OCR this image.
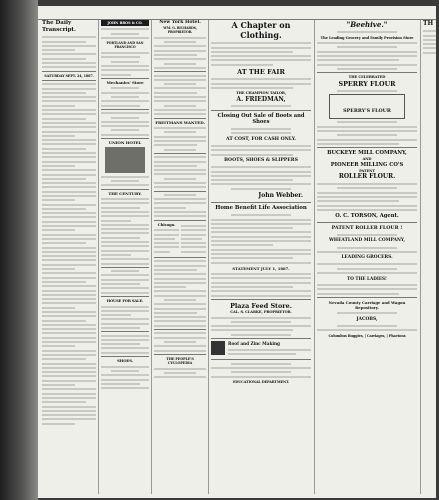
The Daily Transcript.
SATURDAY SEPT. 24, 1887.
JOHN BROS & CO.
PORTLAND AND SAN FRANCISCO
Mechanics' Store
UNION HOTEL
THE CENTURY.
HOUSE FOR SALE.
SHOES.
New York Hotel.
WM. G. RICHARDS, PROPRIETOR.
FREITMANS WANTED.
Chicago.
THE PEOPLE'S CYCLOPEDIA
A Chapter on Clothing.
AT THE FAIR
THE CHAMPION TAILOR,
A. FRIEDMAN,
Closing Out Sale of Boots and Shoes
AT COST, FOR CASH ONLY.
BOOTS, SHOES & SLIPPERS
John Webber.
Home Benefit Life Association
STATEMENT JULY 1, 1887.
Plaza Feed Store.
CAL. S. CLARKE, PROPRIETOR.
Roof and Zinc Making
EDUCATIONAL DEPARTMENT.
"Beehive."
The Leading Grocery and Family Provision Store
THE CELEBRATED
SPERRY FLOUR
SPERRY'S FLOUR
BUCKEYE MILL COMPANY,
AND
PIONEER MILLING CO'S
PATENT
ROLLER FLOUR.
O. C. TORSON, Agent.
PATENT ROLLER FLOUR !
WHEATLAND MILL COMPANY,
LEADING GROCERS.
TO THE LADIES!
Nevada County Carriage and Wagon Repository.
JACOBS,
Columbus Buggies, | Carriages, | Phaetons
TH
